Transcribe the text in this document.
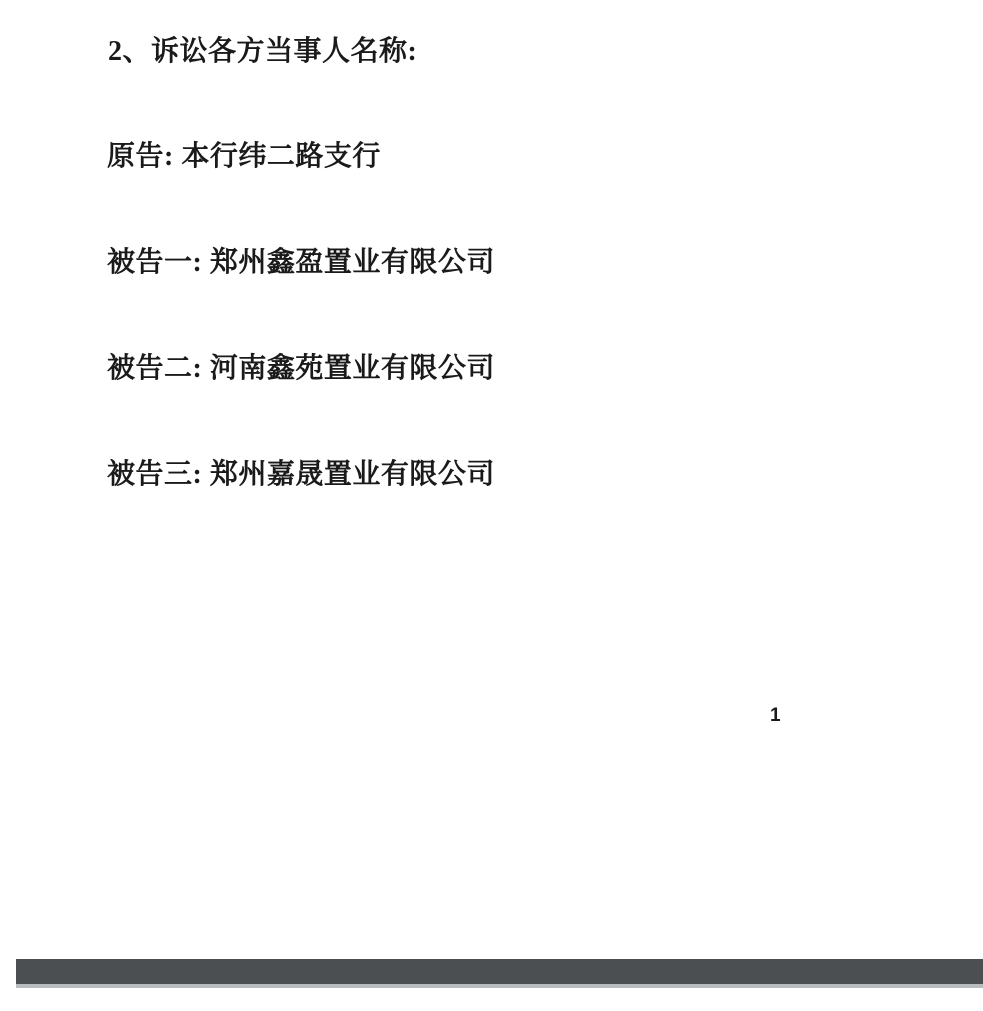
2、诉讼各方当事人名称:
原告: 本行纬二路支行
被告一: 郑州鑫盈置业有限公司
被告二: 河南鑫苑置业有限公司
被告三: 郑州嘉晟置业有限公司
1
